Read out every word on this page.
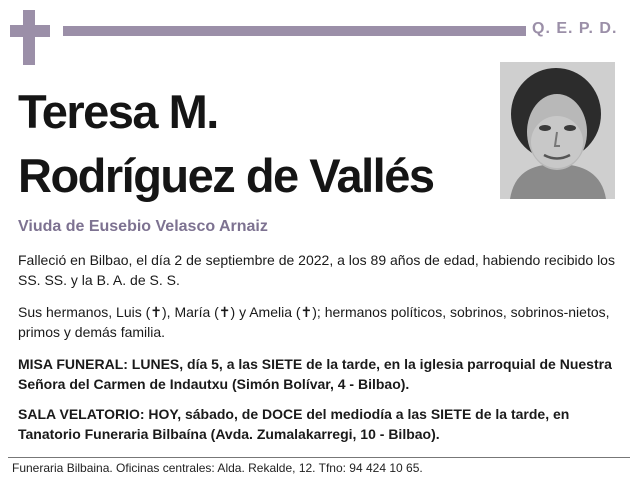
Q. E. P. D.
Teresa M.
Rodríguez de Vallés
Viuda de Eusebio Velasco Arnaiz
Falleció en Bilbao, el día 2 de septiembre de 2022, a los 89 años de edad, habiendo recibido los SS. SS. y la B. A. de S. S.
Sus hermanos, Luis (✝), María (✝) y Amelia (✝); hermanos políticos, sobrinos, sobrinos-nietos, primos y demás familia.
MISA FUNERAL: LUNES, día 5, a las SIETE de la tarde, en la iglesia parroquial de Nuestra Señora del Carmen de Indautxu (Simón Bolívar, 4 - Bilbao).
SALA VELATORIO: HOY, sábado, de DOCE del mediodía a las SIETE de la tarde, en Tanatorio Funeraria Bilbaína (Avda. Zumalakarregi, 10 - Bilbao).
Funeraria Bilbaina. Oficinas centrales: Alda. Rekalde, 12. Tfno: 94 424 10 65.
